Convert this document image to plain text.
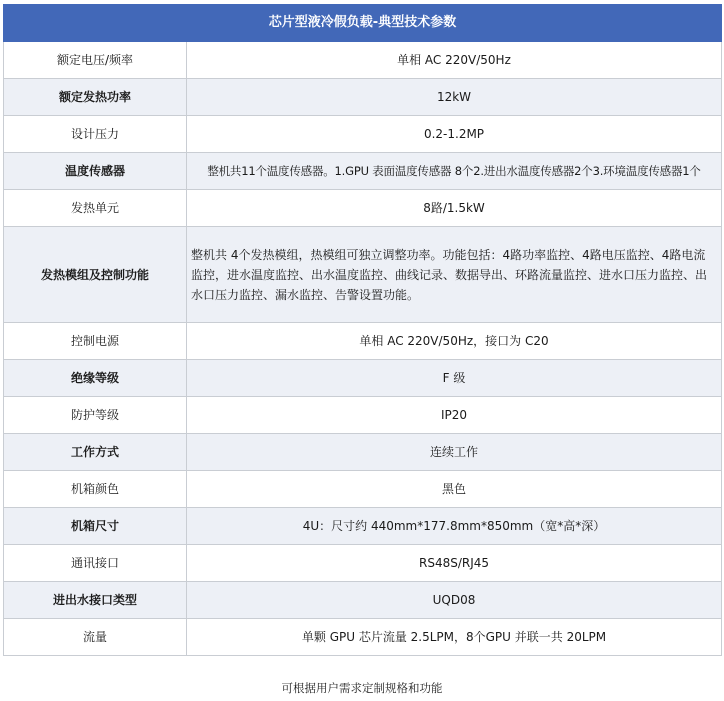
芯片型液冷假负载-典型技术参数	
额定电压/频率	单相 AC 220V/50Hz
额定发热功率	12kW
设计压力	0.2-1.2MP
温度传感器	整机共11个温度传感器。1.GPU 表面温度传感器 8个2.进出水温度传感器2个3.环境温度传感器1个
发热单元	8路/1.5kW
发热模组及控制功能	整机共 4个发热模组，热模组可独立调整功率。功能包括：4路功率监控、4路电压监控、4路电流监控，进水温度监控、出水温度监控、曲线记录、数据导出、环路流量监控、进水口压力监控、出水口压力监控、漏水监控、告警设置功能。
控制电源	单相 AC 220V/50Hz，接口为 C20
绝缘等级	F 级
防护等级	IP20
工作方式	连续工作
机箱颜色	黑色
机箱尺寸	4U：尺寸约 440mm*177.8mm*850mm（宽*高*深）
通讯接口	RS48S/RJ45
进出水接口类型	UQD08
流量	单颗 GPU 芯片流量 2.5LPM，8个GPU 并联一共 20LPM
可根据用户需求定制规格和功能
